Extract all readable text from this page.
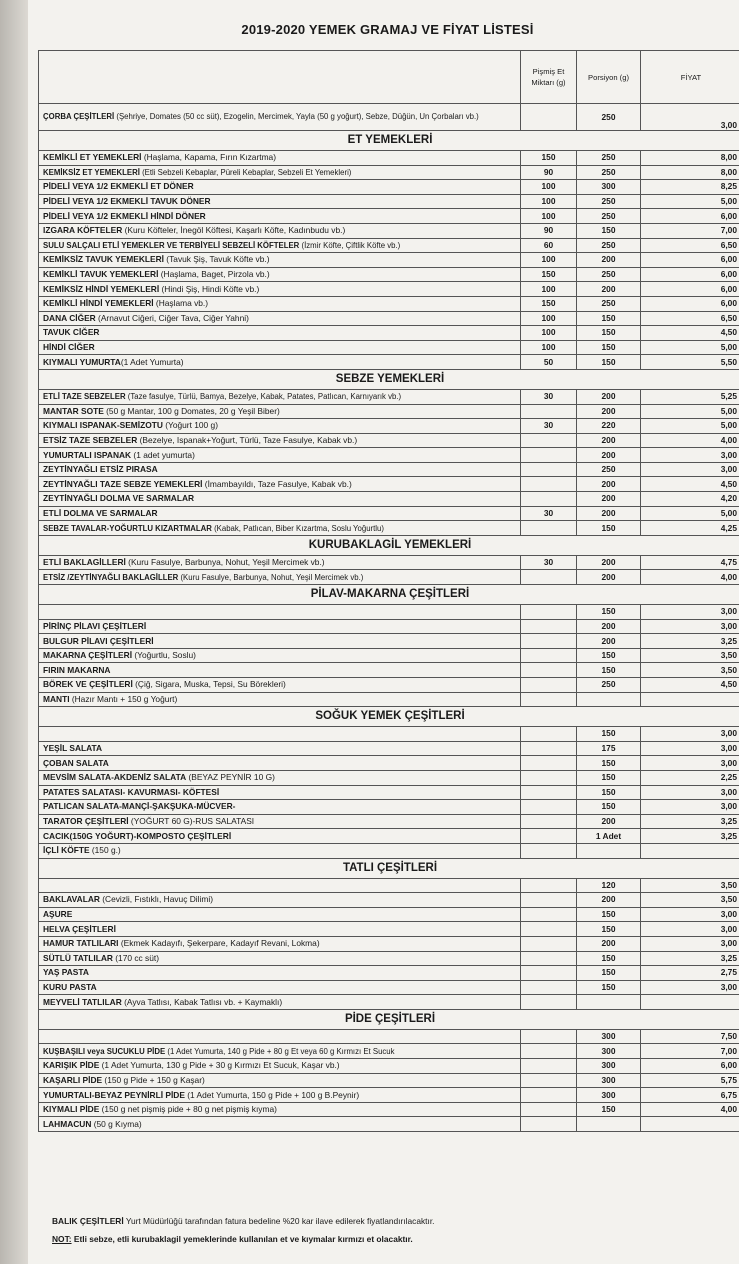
2019-2020 YEMEK GRAMAJ VE FİYAT LİSTESİ
	Pişmiş Et Miktarı (g)	Porsiyon (g)	FİYAT
ÇORBA ÇEŞİTLERİ (Şehriye, Domates (50 cc süt), Ezogelin, Mercimek, Yayla (50 g yoğurt), Sebze, Düğün, Un Çorbaları vb.)		250	3,00
ET YEMEKLERİ			
KEMİKLİ ET YEMEKLERİ (Haşlama, Kapama, Fırın Kızartma)	150	250	8,00
KEMİKSİZ ET YEMEKLERİ (Etli Sebzeli Kebaplar, Püreli Kebaplar, Sebzeli Et Yemekleri)	90	250	8,00
PİDELİ VEYA 1/2 EKMEKLİ ET DÖNER	100	300	8,25
PİDELİ VEYA 1/2 EKMEKLİ TAVUK DÖNER	100	250	5,00
PİDELİ VEYA 1/2 EKMEKLİ HİNDİ DÖNER	100	250	6,00
IZGARA KÖFTELER (Kuru Köfteler, İnegöl Köftesi, Kaşarlı Köfte, Kadınbudu vb.)	90	150	7,00
SULU SALÇALI ETLİ YEMEKLER VE TERBİYELİ SEBZELİ KÖFTELER (İzmir Köfte, Çiftlik Köfte vb.)	60	250	6,50
KEMİKSİZ TAVUK YEMEKLERİ (Tavuk Şiş, Tavuk Köfte vb.)	100	200	6,00
KEMİKLİ TAVUK YEMEKLERİ (Haşlama, Baget, Pirzola vb.)	150	250	6,00
KEMİKSİZ HİNDİ YEMEKLERİ (Hindi Şiş, Hindi Köfte vb.)	100	200	6,00
KEMİKLİ HİNDİ YEMEKLERİ (Haşlama vb.)	150	250	6,00
DANA CİĞER (Arnavut Ciğeri, Ciğer Tava, Ciğer Yahni)	100	150	6,50
TAVUK CİĞER	100	150	4,50
HİNDİ CİĞER	100	150	5,00
KIYMALI YUMURTA(1 Adet Yumurta)	50	150	5,50
SEBZE YEMEKLERİ			
ETLİ TAZE SEBZELER (Taze fasulye, Türlü, Bamya, Bezelye, Kabak, Patates, Patlıcan, Karnıyarık vb.)	30	200	5,25
MANTAR SOTE (50 g Mantar, 100 g Domates, 20 g Yeşil Biber)		200	5,00
KIYMALI ISPANAK-SEMİZOTU (Yoğurt 100 g)	30	220	5,00
ETSİZ TAZE SEBZELER (Bezelye, Ispanak+Yoğurt, Türlü, Taze Fasulye, Kabak vb.)		200	4,00
YUMURTALI ISPANAK (1 adet yumurta)		200	3,00
ZEYTİNYAĞLI ETSİZ PIRASA		250	3,00
ZEYTİNYAĞLI TAZE SEBZE YEMEKLERİ (İmambayıldı, Taze Fasulye, Kabak vb.)		200	4,50
ZEYTİNYAĞLI DOLMA VE SARMALAR		200	4,20
ETLİ DOLMA VE SARMALAR	30	200	5,00
SEBZE TAVALAR-YOĞURTLU KIZARTMALAR (Kabak, Patlıcan, Biber Kızartma, Soslu Yoğurtlu)		150	4,25
KURUBAKLAGİL YEMEKLERİ			
ETLİ BAKLAGİLLERİ (Kuru Fasulye, Barbunya, Nohut, Yeşil Mercimek vb.)	30	200	4,75
ETSİZ /ZEYTİNYAĞLI BAKLAGİLLER (Kuru Fasulye, Barbunya, Nohut, Yeşil Mercimek vb.)		200	4,00
PİLAV-MAKARNA ÇEŞİTLERİ			
		150	3,00
PİRİNÇ PİLAVI ÇEŞİTLERİ		200	3,00
BULGUR PİLAVI ÇEŞİTLERİ		200	3,25
MAKARNA ÇEŞİTLERİ (Yoğurtlu, Soslu)		150	3,50
FIRIN MAKARNA		150	3,50
BÖREK VE ÇEŞİTLERİ (Çiğ, Sigara, Muska, Tepsi, Su Börekleri)		250	4,50
MANTI (Hazır Mantı + 150 g Yoğurt)			
SOĞUK YEMEK ÇEŞİTLERİ			
		150	3,00
YEŞİL SALATA		175	3,00
ÇOBAN SALATA		150	3,00
MEVSİM SALATA-AKDENİZ SALATA (BEYAZ PEYNİR 10 G)		150	2,25
PATATES SALATASI- KAVURMASI- KÖFTESİ		150	3,00
PATLICAN SALATA-MANÇİ-ŞAKŞUKA-MÜCVER-		150	3,00
TARATOR ÇEŞİTLERİ (YOĞURT 60 G)-RUS SALATASI		200	3,25
CACIK(150G YOĞURT)-KOMPOSTO ÇEŞİTLERİ		1 Adet	3,25
İÇLİ KÖFTE (150 g.)			
TATLI ÇEŞİTLERİ			
		120	3,50
BAKLAVALAR (Cevizli, Fıstıklı, Havuç Dilimi)		200	3,50
AŞURE		150	3,00
HELVA ÇEŞİTLERİ		150	3,00
HAMUR TATLILARI (Ekmek Kadayıfı, Şekerpare, Kadayıf Revani, Lokma)		200	3,00
SÜTLÜ TATLILAR (170 cc süt)		150	3,25
YAŞ PASTA		150	2,75
KURU PASTA		150	3,00
MEYVELİ TATLILAR (Ayva Tatlısı, Kabak Tatlısı vb. + Kaymaklı)			
PİDE ÇEŞİTLERİ			
		300	7,50
KUŞBAŞILI veya SUCUKLU PİDE (1 Adet Yumurta, 140 g Pide + 80 g Et veya 60 g Kırmızı Et Sucuk		300	7,00
KARIŞIK PİDE (1 Adet Yumurta, 130 g Pide + 30 g Kırmızı Et Sucuk, Kaşar vb.)		300	6,00
KAŞARLI PİDE (150 g Pide + 150 g Kaşar)		300	5,75
YUMURTALI-BEYAZ PEYNİRLİ PİDE (1 Adet Yumurta, 150 g Pide + 100 g B.Peynir)		300	6,75
KIYMALI PİDE (150 g net pişmiş pide + 80 g net pişmiş kıyma)		150	4,00
LAHMACUN (50 g Kıyma)			
BALIK ÇEŞİTLERİ Yurt Müdürlüğü tarafından fatura bedeline %20 kar ilave edilerek fiyatlandırılacaktır.
NOT: Etli sebze, etli kurubaklagil yemeklerinde kullanılan et ve kıymalar kırmızı et olacaktır.
